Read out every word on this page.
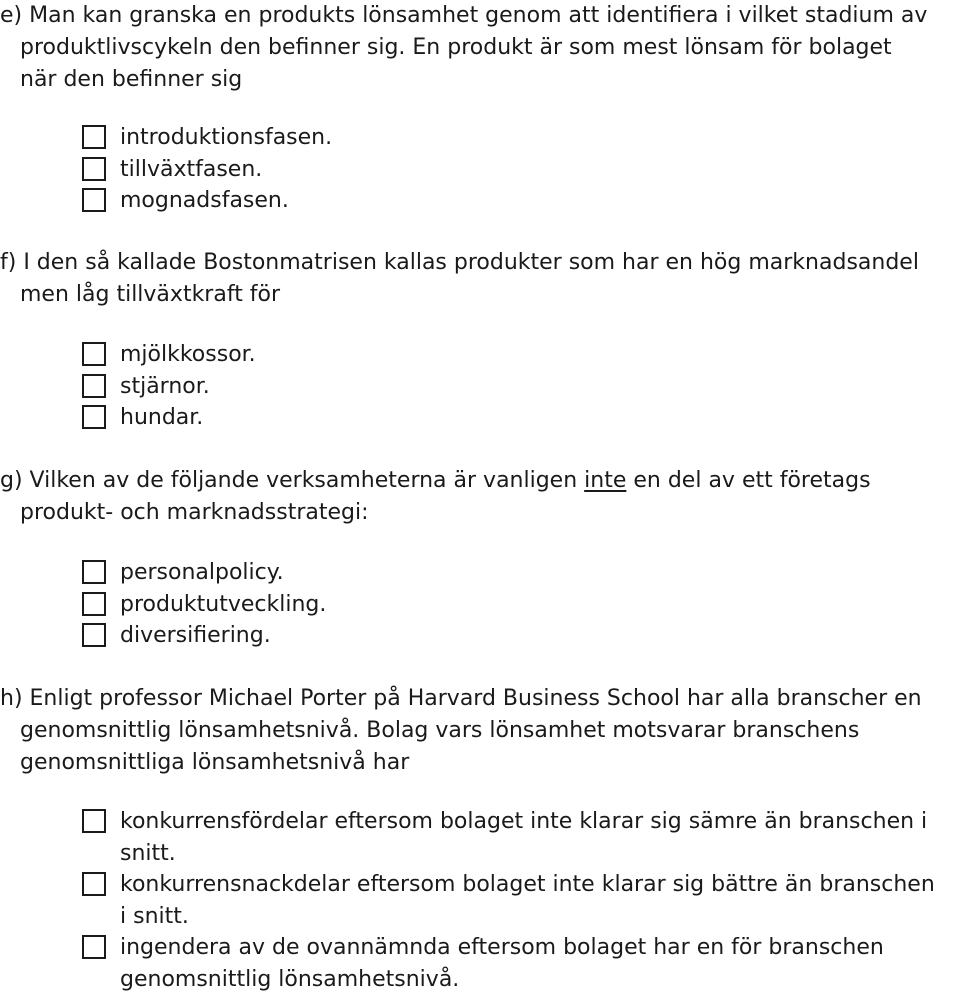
e) Man kan granska en produkts lönsamhet genom att identifiera i vilket stadium av
produktlivscykeln den befinner sig. En produkt är som mest lönsam för bolaget
när den befinner sig

introduktionsfasen.
tillväxtfasen.
mognadsfasen.

f) I den så kallade Bostonmatrisen kallas produkter som har en hög marknadsandel
men låg tillväxtkraft för

mjölkkossor.
stjärnor.
hundar.

g) Vilken av de följande verksamheterna är vanligen inte en del av ett företags
produkt- och marknadsstrategi:

personalpolicy.
produktutveckling.
diversifiering.

h) Enligt professor Michael Porter på Harvard Business School har alla branscher en
genomsnittlig lönsamhetsnivå. Bolag vars lönsamhet motsvarar branschens
genomsnittliga lönsamhetsnivå har

konkurrensfördelar eftersom bolaget inte klarar sig sämre än branschen i
snitt.
konkurrensnackdelar eftersom bolaget inte klarar sig bättre än branschen
i snitt.
ingendera av de ovannämnda eftersom bolaget har en för branschen
genomsnittlig lönsamhetsnivå.
